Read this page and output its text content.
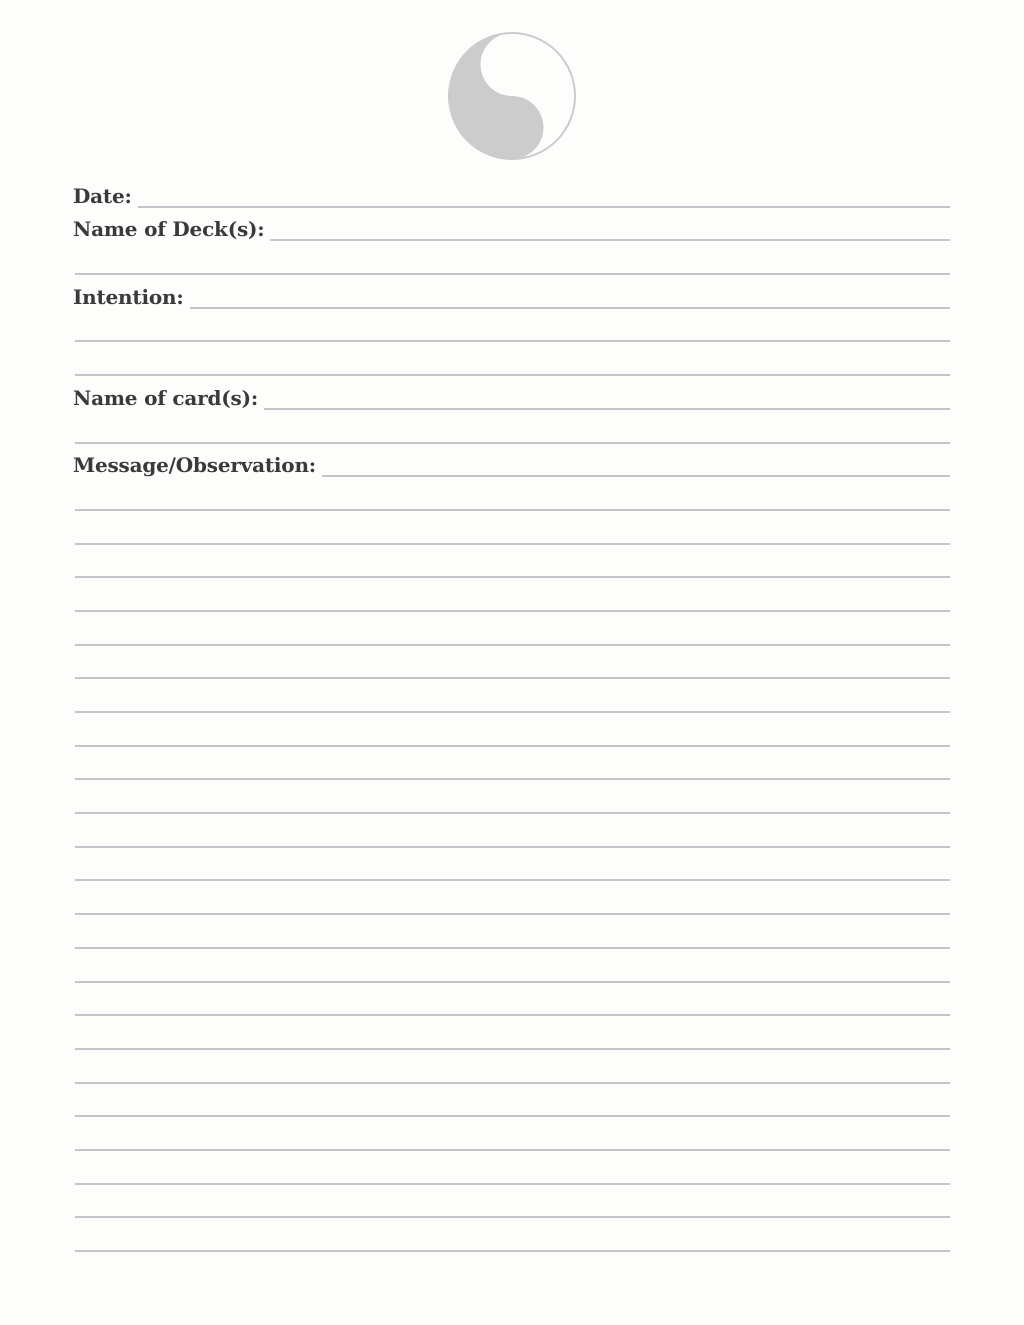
Date:
Name of Deck(s):
Intention:
Name of card(s):
Message/Observation:
